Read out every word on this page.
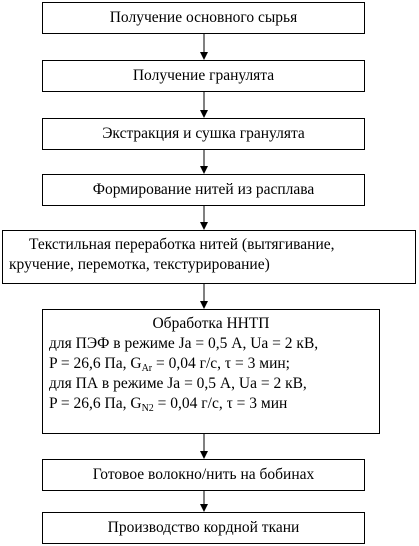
Получение основного сырья
Получение гранулята
Экстракция и сушка гранулята
Формирование нитей из расплава
Текстильная переработка нитей (вытягивание,
кручение, перемотка, текстурирование)
Обработка НHТП
для ПЭФ в режиме Ja = 0,5 А, Ua = 2 кВ,
P = 26,6 Па, $G_{Ar} = 0,04$ г/с, τ = 3 мин;
для ПА в режиме Ja = 0,5 А, Ua = 2 кВ,
P = 26,6 Па, $G_{N2} = 0,04$ г/с, τ = 3 мин
Готовое волокно/нить на бобинах
Производство кордной ткани
